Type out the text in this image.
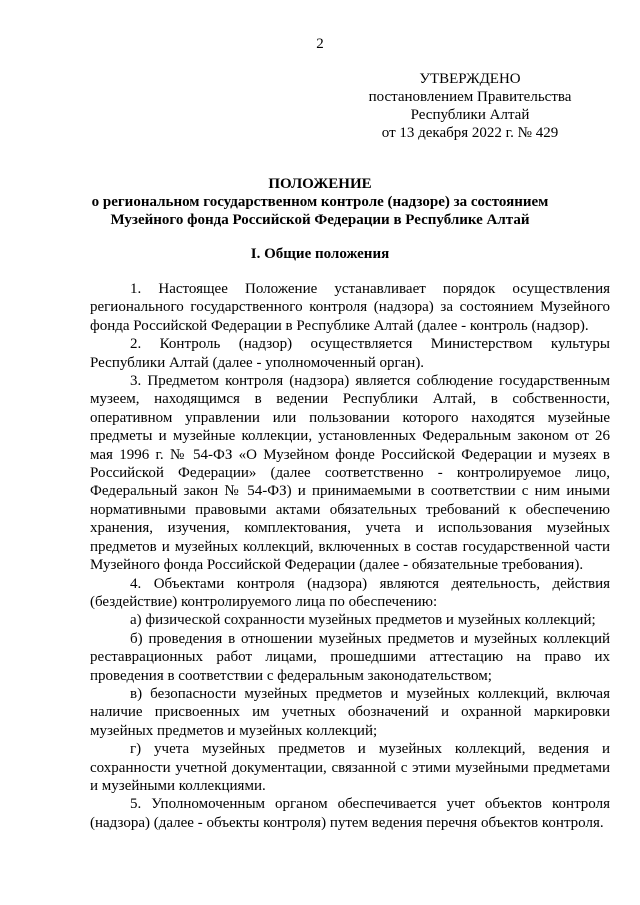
2
УТВЕРЖДЕНО
постановлением Правительства
Республики Алтай
от 13 декабря 2022 г. № 429
ПОЛОЖЕНИЕ
о региональном государственном контроле (надзоре) за состоянием
Музейного фонда Российской Федерации в Республике Алтай
I. Общие положения

1. Настоящее Положение устанавливает порядок осуществления регионального государственного контроля (надзора) за состоянием Музейного фонда Российской Федерации в Республике Алтай (далее - контроль (надзор).

2. Контроль (надзор) осуществляется Министерством культуры Республики Алтай (далее - уполномоченный орган).

3. Предметом контроля (надзора) является соблюдение государственным музеем, находящимся в ведении Республики Алтай, в собственности, оперативном управлении или пользовании которого находятся музейные предметы и музейные коллекции, установленных Федеральным законом от 26 мая 1996 г. № 54-ФЗ «О Музейном фонде Российской Федерации и музеях в Российской Федерации» (далее соответственно - контролируемое лицо, Федеральный закон № 54-ФЗ) и принимаемыми в соответствии с ним иными нормативными правовыми актами обязательных требований к обеспечению хранения, изучения, комплектования, учета и использования музейных предметов и музейных коллекций, включенных в состав государственной части Музейного фонда Российской Федерации (далее - обязательные требования).

4. Объектами контроля (надзора) являются деятельность, действия (бездействие) контролируемого лица по обеспечению:

а) физической сохранности музейных предметов и музейных коллекций;

б) проведения в отношении музейных предметов и музейных коллекций реставрационных работ лицами, прошедшими аттестацию на право их проведения в соответствии с федеральным законодательством;

в) безопасности музейных предметов и музейных коллекций, включая наличие присвоенных им учетных обозначений и охранной маркировки музейных предметов и музейных коллекций;

г) учета музейных предметов и музейных коллекций, ведения и сохранности учетной документации, связанной с этими музейными предметами и музейными коллекциями.

5. Уполномоченным органом обеспечивается учет объектов контроля (надзора) (далее - объекты контроля) путем ведения перечня объектов контроля.
